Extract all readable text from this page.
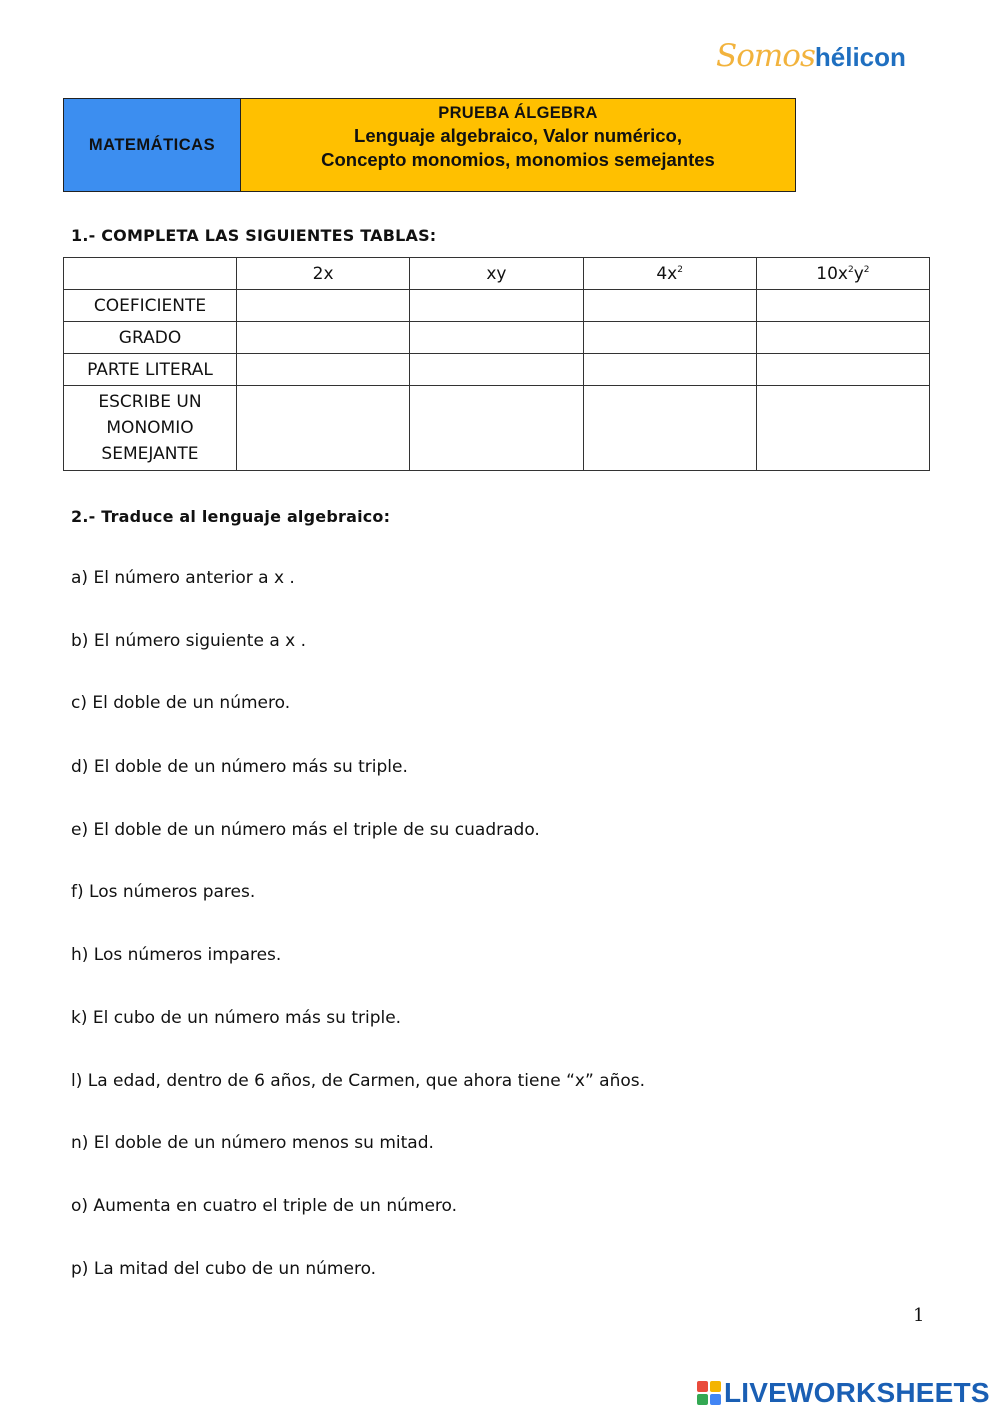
Somoshélicon
MATEMÁTICAS
PRUEBA ÁLGEBRA
Lenguaje algebraico, Valor numérico,
Concepto monomios, monomios semejantes
1.- COMPLETA LAS SIGUIENTES TABLAS:
	2x	xy	$4x^2$	$10x^2y^2$
COEFICIENTE				
GRADO				
PARTE LITERAL				

ESCRIBE UN
MONOMIO
SEMEJANTE				

2.- Traduce al lenguaje algebraico:
a) El número anterior a x .
b) El número siguiente a x .
c) El doble de un número.
d) El doble de un número más su triple.
e) El doble de un número más el triple de su cuadrado.
f) Los números pares.
h) Los números impares.
k) El cubo de un número más su triple.
l) La edad, dentro de 6 años, de Carmen, que ahora tiene “x” años.
n) El doble de un número menos su mitad.
o) Aumenta en cuatro el triple de un número.
p) La mitad del cubo de un número.
1
LIVEWORKSHEETS
